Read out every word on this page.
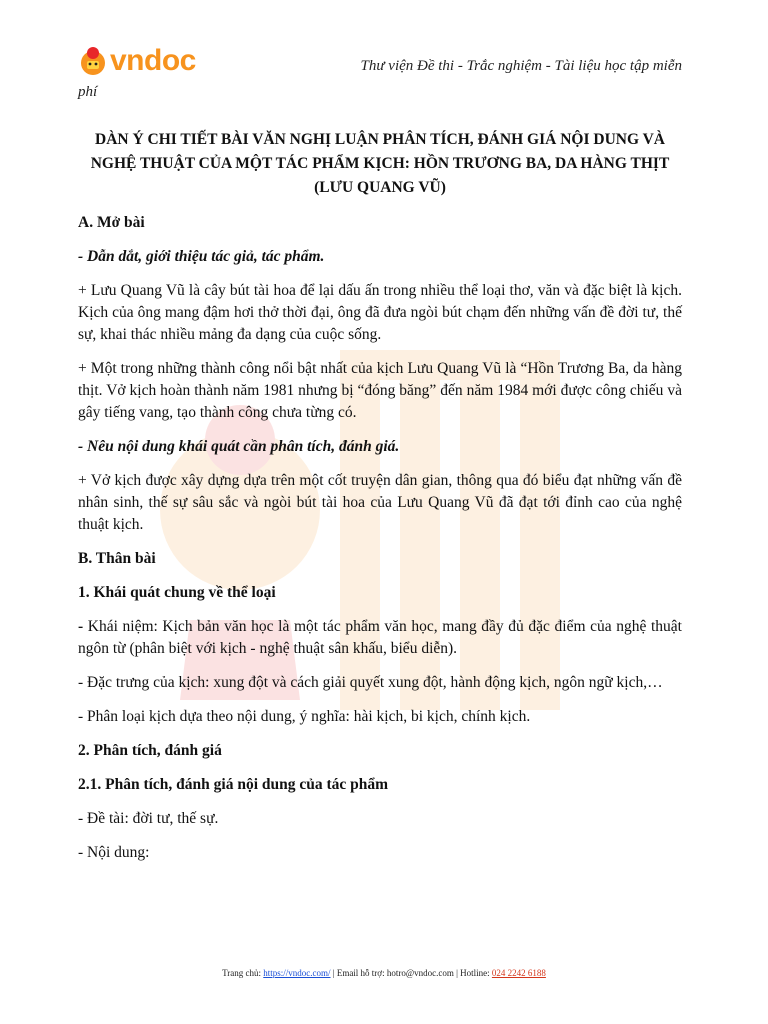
vndoc	Thư viện Đề thi - Trắc nghiệm - Tài liệu học tập miễn
phí
DÀN Ý CHI TIẾT BÀI VĂN NGHỊ LUẬN PHÂN TÍCH, ĐÁNH GIÁ NỘI DUNG VÀ NGHỆ THUẬT CỦA MỘT TÁC PHẨM KỊCH: HỒN TRƯƠNG BA, DA HÀNG THỊT (LƯU QUANG VŨ)

A. Mở bài

- Dẫn dắt, giới thiệu tác giả, tác phẩm.

+ Lưu Quang Vũ là cây bút tài hoa để lại dấu ấn trong nhiều thể loại thơ, văn và đặc biệt là kịch. Kịch của ông mang đậm hơi thở thời đại, ông đã đưa ngòi bút chạm đến những vấn đề đời tư, thế sự, khai thác nhiều mảng đa dạng của cuộc sống.

+ Một trong những thành công nổi bật nhất của kịch Lưu Quang Vũ là “Hồn Trương Ba, da hàng thịt. Vở kịch hoàn thành năm 1981 nhưng bị “đóng băng” đến năm 1984 mới được công chiếu và gây tiếng vang, tạo thành công chưa từng có.

- Nêu nội dung khái quát cần phân tích, đánh giá.

+ Vở kịch được xây dựng dựa trên một cốt truyện dân gian, thông qua đó biểu đạt những vấn đề nhân sinh, thế sự sâu sắc và ngòi bút tài hoa của Lưu Quang Vũ đã đạt tới đỉnh cao của nghệ thuật kịch.

B. Thân bài

1. Khái quát chung về thể loại

- Khái niệm: Kịch bản văn học là một tác phẩm văn học, mang đầy đủ đặc điểm của nghệ thuật ngôn từ (phân biệt với kịch - nghệ thuật sân khấu, biểu diễn).

- Đặc trưng của kịch: xung đột và cách giải quyết xung đột, hành động kịch, ngôn ngữ kịch,…

- Phân loại kịch dựa theo nội dung, ý nghĩa: hài kịch, bi kịch, chính kịch.

2. Phân tích, đánh giá

2.1. Phân tích, đánh giá nội dung của tác phẩm

- Đề tài: đời tư, thế sự.

- Nội dung:

Trang chủ: https://vndoc.com/ | Email hỗ trợ: hotro@vndoc.com | Hotline: 024 2242 6188
